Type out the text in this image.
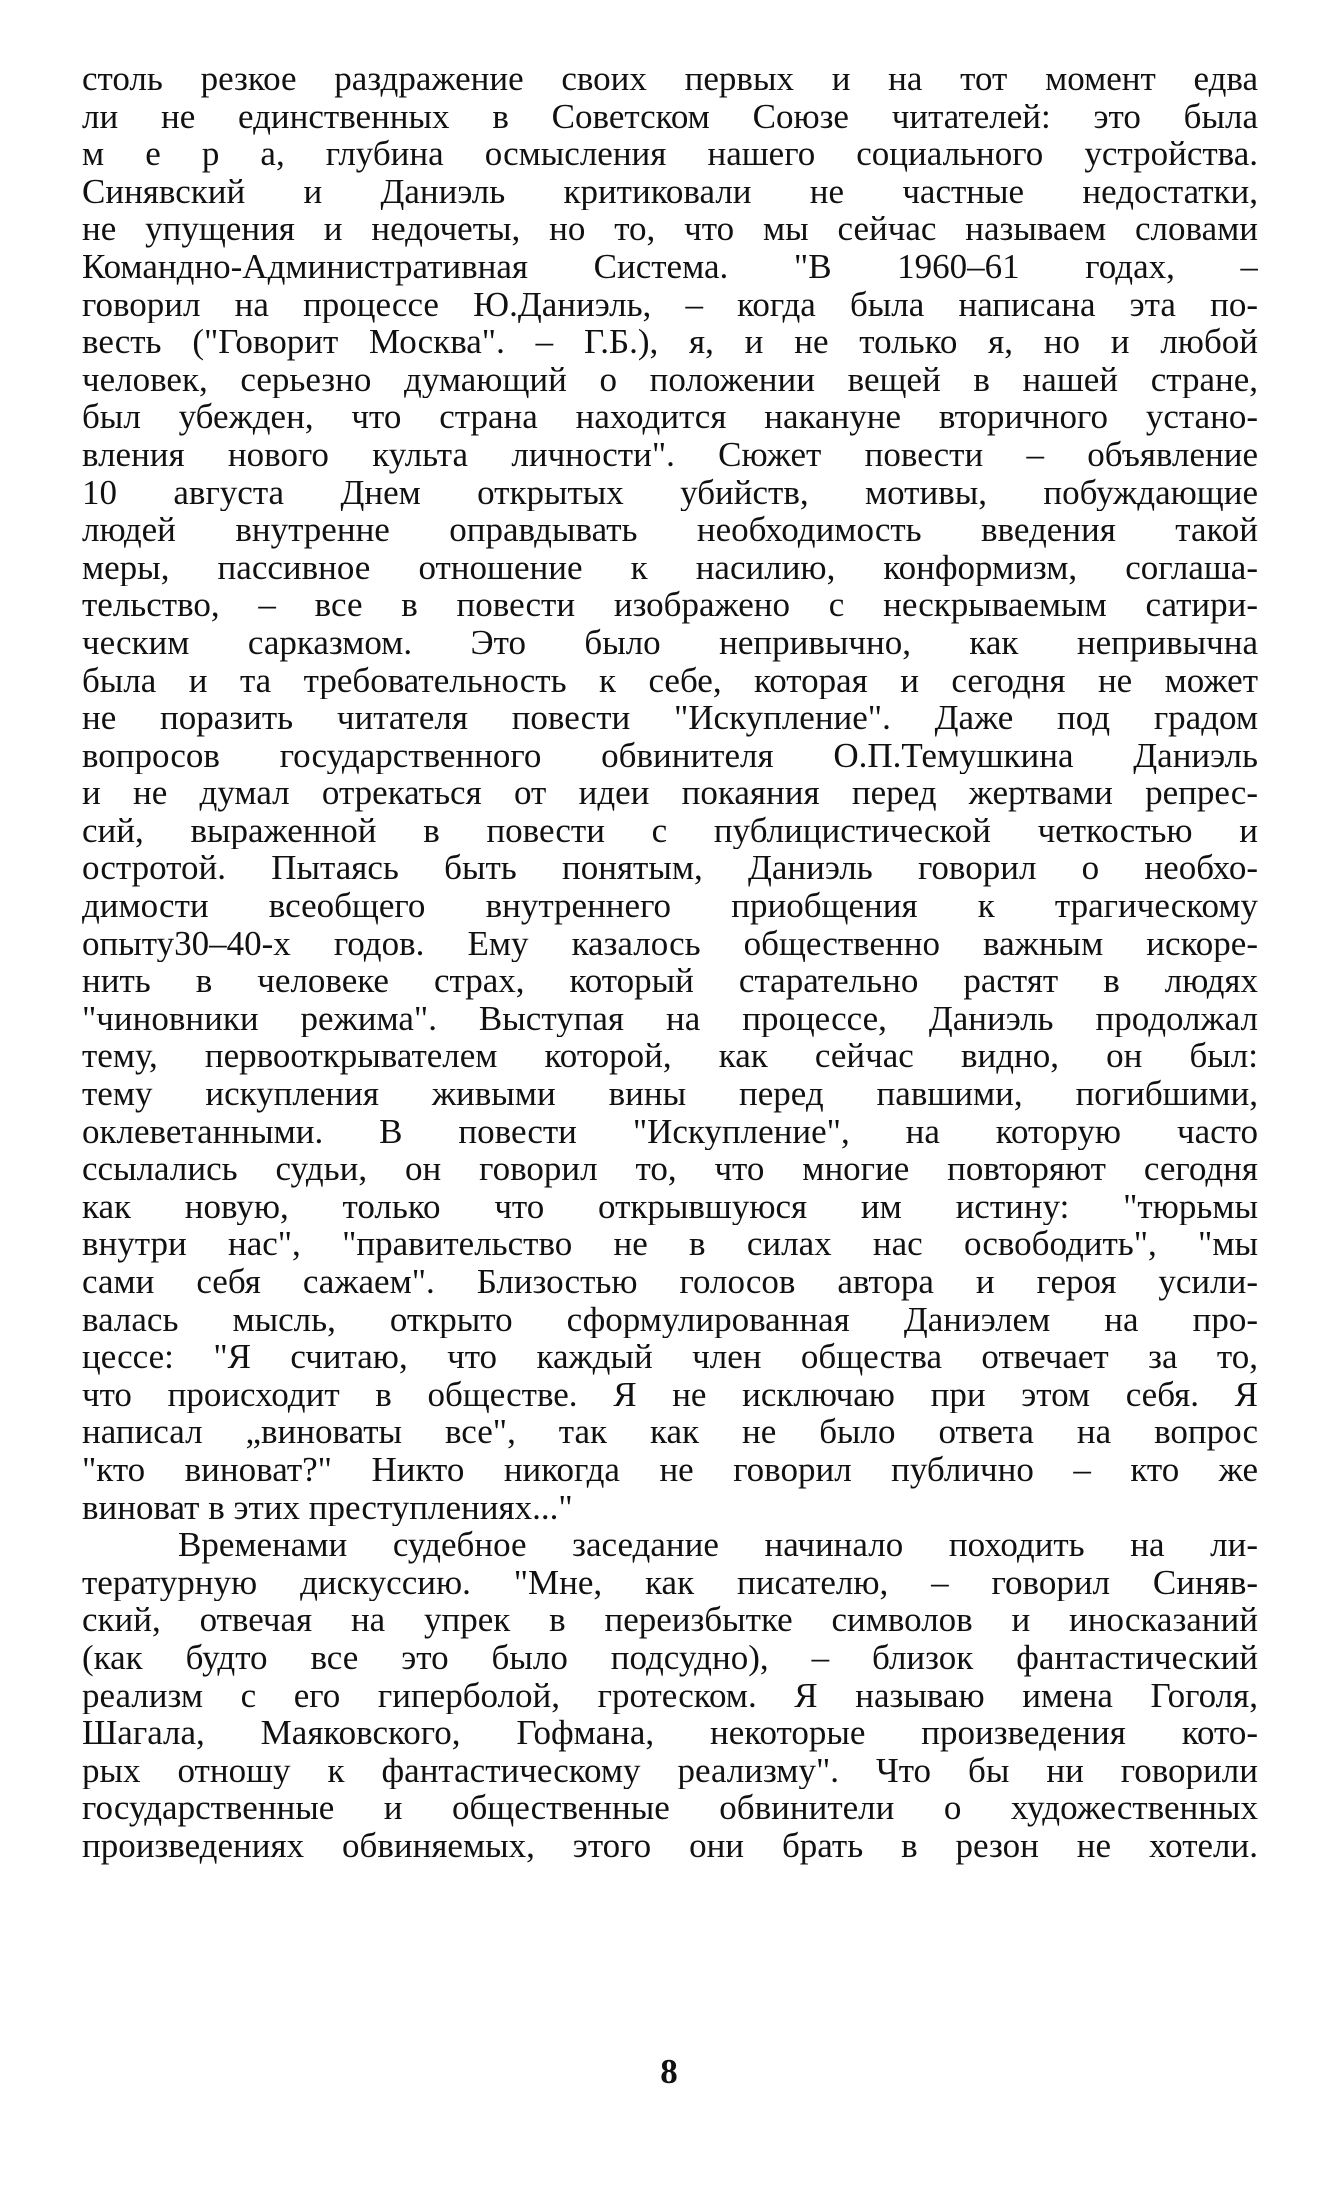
столь резкое раздражение своих первых и на тот момент едва
ли не единственных в Советском Союзе читателей: это была
м е р а, глубина осмысления нашего социального устройства.
Синявский и Даниэль критиковали не частные недостатки,
не упущения и недочеты, но то, что мы сейчас называем словами
Командно-Административная Система. "В 1960–61 годах, –
говорил на процессе Ю.Даниэль, – когда была написана эта по-
весть ("Говорит Москва". – Г.Б.), я, и не только я, но и любой
человек, серьезно думающий о положении вещей в нашей стране,
был убежден, что страна находится накануне вторичного устано-
вления нового культа личности". Сюжет повести – объявление
10 августа Днем открытых убийств, мотивы, побуждающие
людей внутренне оправдывать необходимость введения такой
меры, пассивное отношение к насилию, конформизм, соглаша-
тельство, – все в повести изображено с нескрываемым сатири-
ческим сарказмом. Это было непривычно, как непривычна
была и та требовательность к себе, которая и сегодня не может
не поразить читателя повести "Искупление". Даже под градом
вопросов государственного обвинителя О.П.Темушкина Даниэль
и не думал отрекаться от идеи покаяния перед жертвами репрес-
сий, выраженной в повести с публицистической четкостью и
остротой. Пытаясь быть понятым, Даниэль говорил о необхо-
димости всеобщего внутреннего приобщения к трагическому
опыту30–40-х годов. Ему казалось общественно важным искоре-
нить в человеке страх, который старательно растят в людях
"чиновники режима". Выступая на процессе, Даниэль продолжал
тему, первооткрывателем которой, как сейчас видно, он был:
тему искупления живыми вины перед павшими, погибшими,
оклеветанными. В повести "Искупление", на которую часто
ссылались судьи, он говорил то, что многие повторяют сегодня
как новую, только что открывшуюся им истину: "тюрьмы
внутри нас", "правительство не в силах нас освободить", "мы
сами себя сажаем". Близостью голосов автора и героя усили-
валась мысль, открыто сформулированная Даниэлем на про-
цессе: "Я считаю, что каждый член общества отвечает за то,
что происходит в обществе. Я не исключаю при этом себя. Я
написал „виноваты все", так как не было ответа на вопрос
"кто виноват?" Никто никогда не говорил публично – кто же
виноват в этих преступлениях..."
Временами судебное заседание начинало походить на ли-
тературную дискуссию. "Мне, как писателю, – говорил Синяв-
ский, отвечая на упрек в переизбытке символов и иносказаний
(как будто все это было подсудно), – близок фантастический
реализм с его гиперболой, гротеском. Я называю имена Гоголя,
Шагала, Маяковского, Гофмана, некоторые произведения кото-
рых отношу к фантастическому реализму". Что бы ни говорили
государственные и общественные обвинители о художественных
произведениях обвиняемых, этого они брать в резон не хотели.
8
